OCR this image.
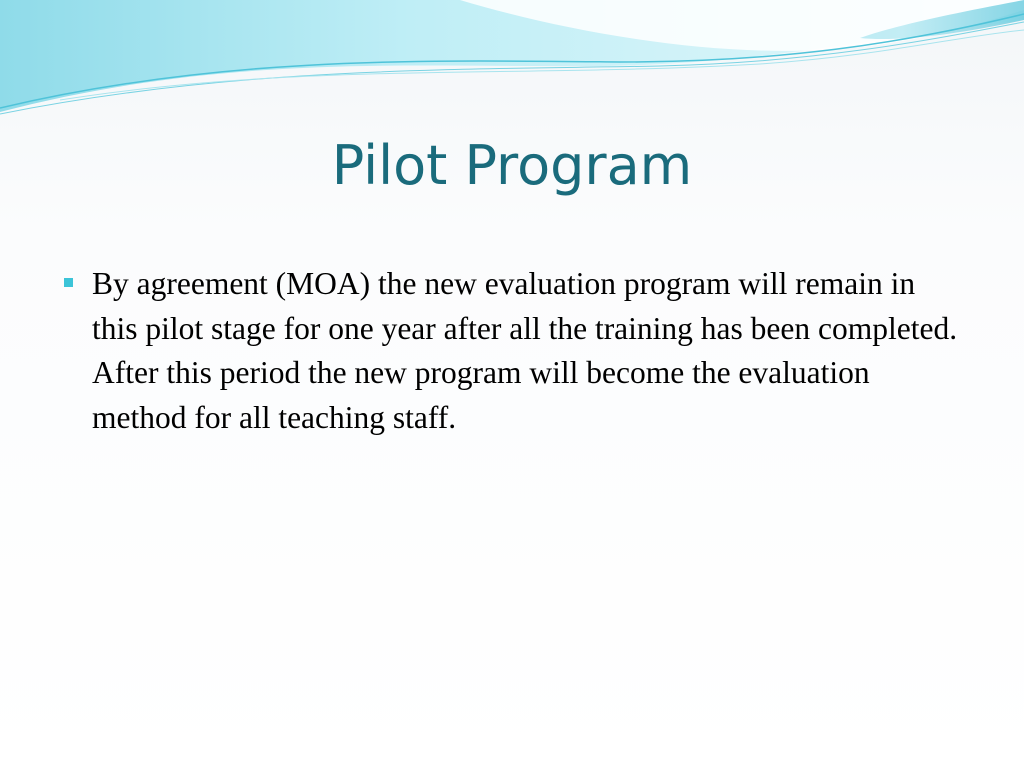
Pilot Program
By agreement (MOA) the new evaluation program will remain in this pilot stage for one year after all the training has been completed. After this period the new program will become the evaluation method for all teaching staff.
